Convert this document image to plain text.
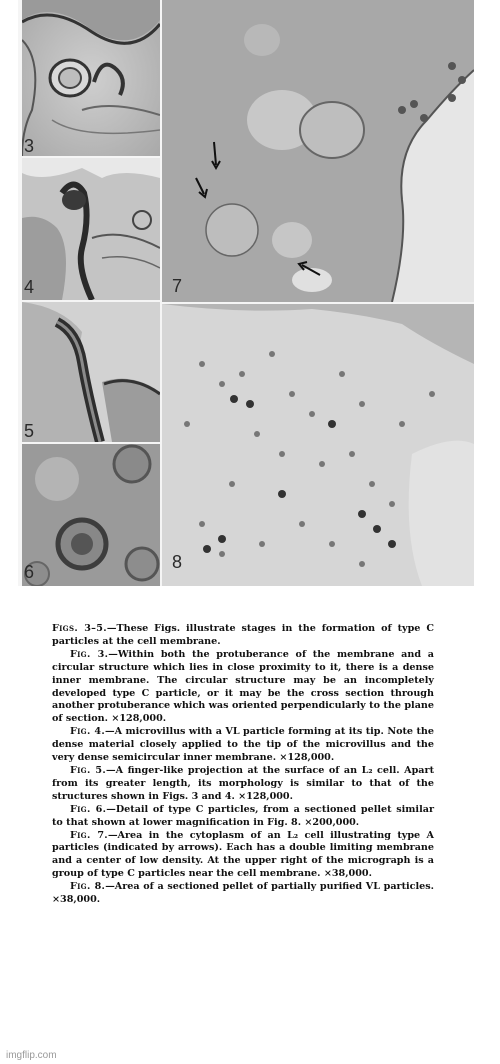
3
4
5
6
7
8

Figs. 3–5.—These Figs. illustrate stages in the formation of type C particles at the cell membrane.

Fig. 3.—Within both the protuberance of the membrane and a circular structure which lies in close proximity to it, there is a dense inner membrane. The circular structure may be an incompletely developed type C particle, or it may be the cross section through another protuberance which was oriented perpendicularly to the plane of section. ×128,000.

Fig. 4.—A microvillus with a VL particle forming at its tip. Note the dense material closely applied to the tip of the microvillus and the very dense semicircular inner membrane. ×128,000.

Fig. 5.—A finger-like projection at the surface of an L₂ cell. Apart from its greater length, its morphology is similar to that of the structures shown in Figs. 3 and 4. ×128,000.

Fig. 6.—Detail of type C particles, from a sectioned pellet similar to that shown at lower magnification in Fig. 8. ×200,000.

Fig. 7.—Area in the cytoplasm of an L₂ cell illustrating type A particles (indicated by arrows). Each has a double limiting membrane and a center of low density. At the upper right of the micrograph is a group of type C particles near the cell membrane. ×38,000.

Fig. 8.—Area of a sectioned pellet of partially purified VL particles. ×38,000.

imgflip.com
